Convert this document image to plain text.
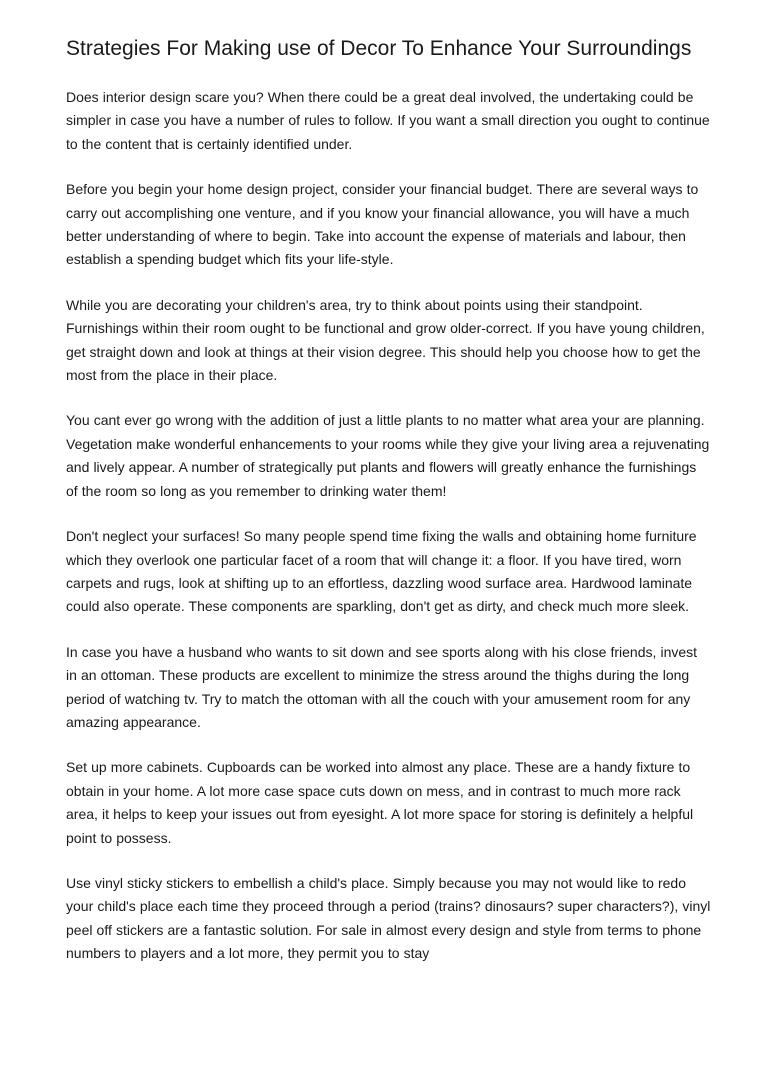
Strategies For Making use of Decor To Enhance Your Surroundings

Does interior design scare you? When there could be a great deal involved, the undertaking could be simpler in case you have a number of rules to follow. If you want a small direction you ought to continue to the content that is certainly identified under.

Before you begin your home design project, consider your financial budget. There are several ways to carry out accomplishing one venture, and if you know your financial allowance, you will have a much better understanding of where to begin. Take into account the expense of materials and labour, then establish a spending budget which fits your life-style.

While you are decorating your children's area, try to think about points using their standpoint. Furnishings within their room ought to be functional and grow older-correct. If you have young children, get straight down and look at things at their vision degree. This should help you choose how to get the most from the place in their place.

You cant ever go wrong with the addition of just a little plants to no matter what area your are planning. Vegetation make wonderful enhancements to your rooms while they give your living area a rejuvenating and lively appear. A number of strategically put plants and flowers will greatly enhance the furnishings of the room so long as you remember to drinking water them!

Don't neglect your surfaces! So many people spend time fixing the walls and obtaining home furniture which they overlook one particular facet of a room that will change it: a floor. If you have tired, worn carpets and rugs, look at shifting up to an effortless, dazzling wood surface area. Hardwood laminate could also operate. These components are sparkling, don't get as dirty, and check much more sleek.

In case you have a husband who wants to sit down and see sports along with his close friends, invest in an ottoman. These products are excellent to minimize the stress around the thighs during the long period of watching tv. Try to match the ottoman with all the couch with your amusement room for any amazing appearance.

Set up more cabinets. Cupboards can be worked into almost any place. These are a handy fixture to obtain in your home. A lot more case space cuts down on mess, and in contrast to much more rack area, it helps to keep your issues out from eyesight. A lot more space for storing is definitely a helpful point to possess.

Use vinyl sticky stickers to embellish a child's place. Simply because you may not would like to redo your child's place each time they proceed through a period (trains? dinosaurs? super characters?), vinyl peel off stickers are a fantastic solution. For sale in almost every design and style from terms to phone numbers to players and a lot more, they permit you to stay
